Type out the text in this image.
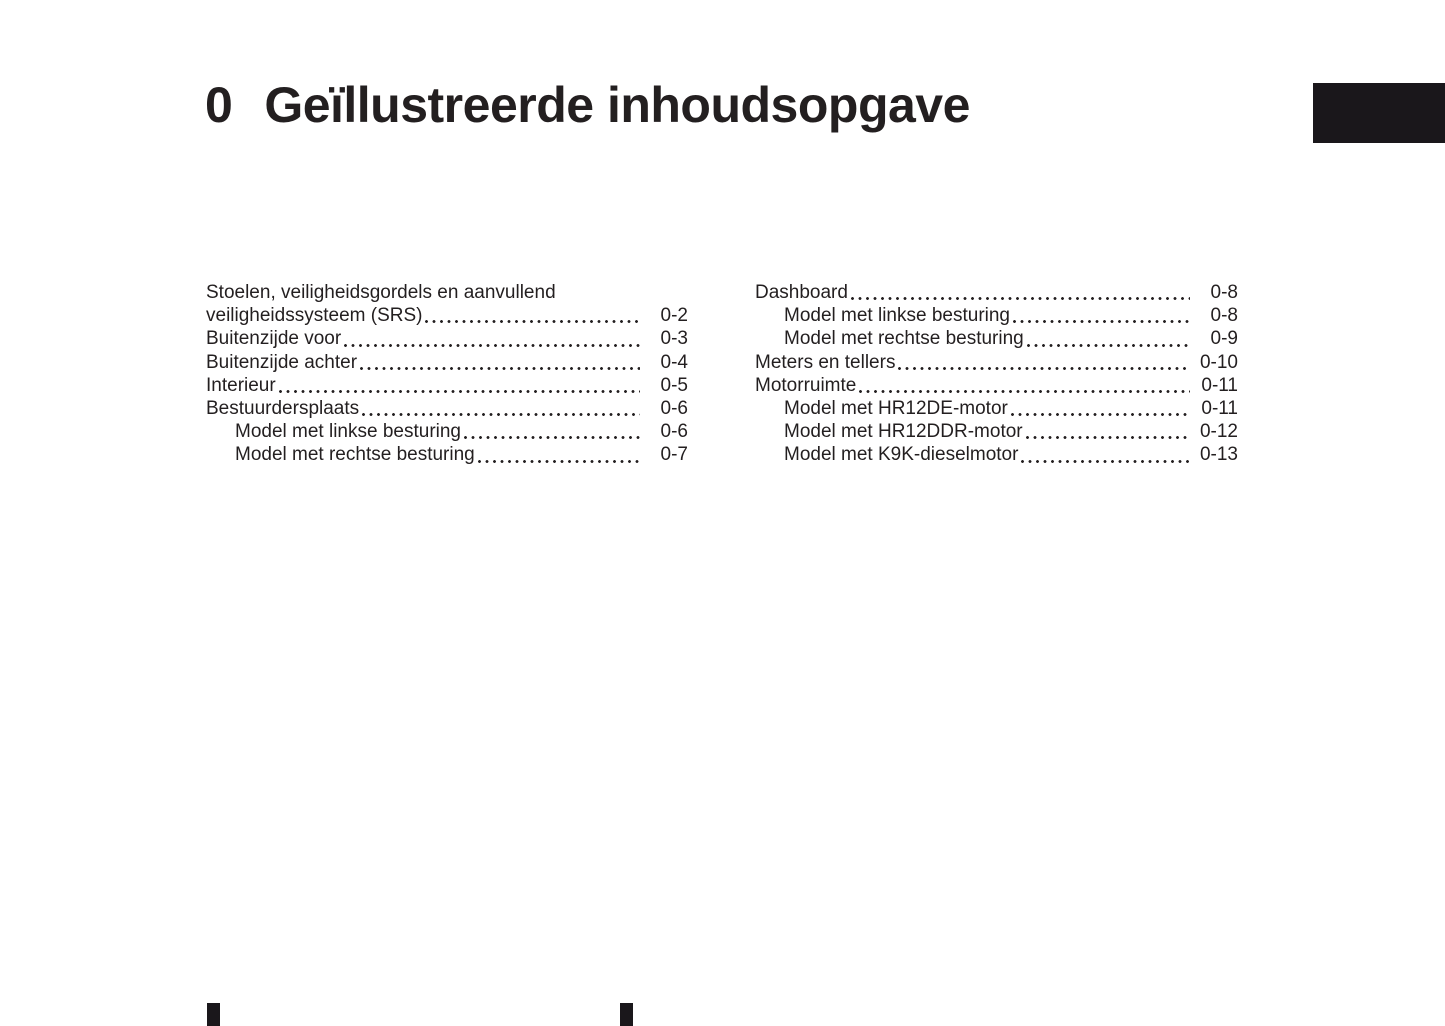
0 Geïllustreerde inhoudsopgave
Stoelen, veiligheidsgordels en aanvullend
veiligheidssysteem (SRS)	0-2
Buitenzijde voor	0-3
Buitenzijde achter	0-4
Interieur	0-5
Bestuurdersplaats	0-6
Model met linkse besturing	0-6
Model met rechtse besturing	0-7
Dashboard	0-8
Model met linkse besturing	0-8
Model met rechtse besturing	0-9
Meters en tellers	0-10
Motorruimte	0-11
Model met HR12DE-motor	0-11
Model met HR12DDR-motor	0-12
Model met K9K-dieselmotor	0-13
